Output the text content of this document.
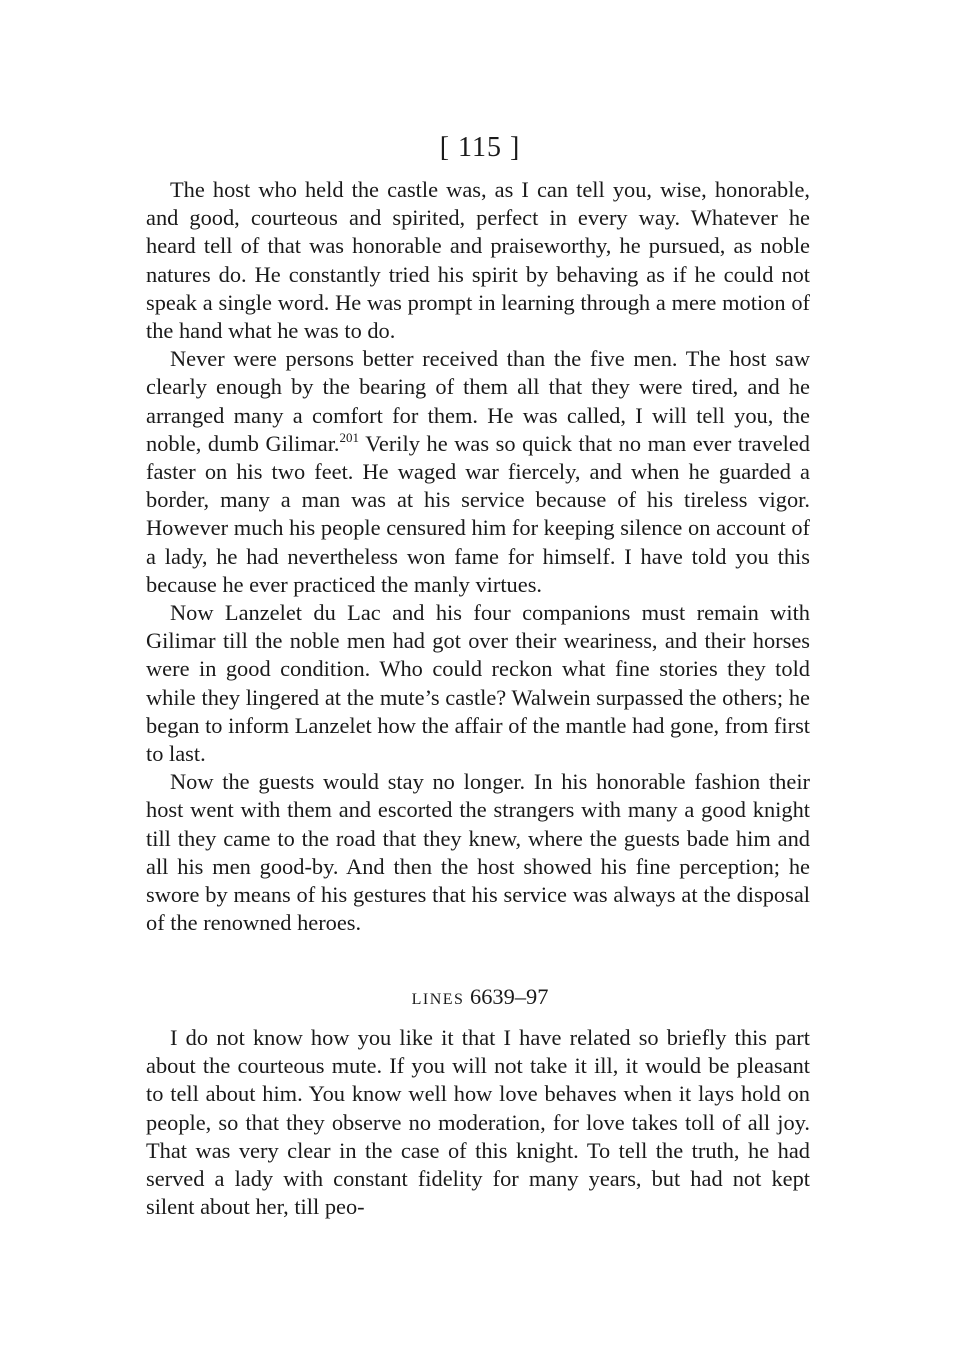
[ 115 ]

The host who held the castle was, as I can tell you, wise, honorable, and good, courteous and spirited, perfect in every way. Whatever he heard tell of that was honorable and praiseworthy, he pursued, as noble natures do. He constantly tried his spirit by behaving as if he could not speak a single word. He was prompt in learning through a mere motion of the hand what he was to do.

Never were persons better received than the five men. The host saw clearly enough by the bearing of them all that they were tired, and he arranged many a comfort for them. He was called, I will tell you, the noble, dumb Gilimar.$^{201}$ Verily he was so quick that no man ever traveled faster on his two feet. He waged war fiercely, and when he guarded a border, many a man was at his service because of his tireless vigor. However much his people censured him for keeping silence on account of a lady, he had nevertheless won fame for himself. I have told you this because he ever practiced the manly virtues.

Now Lanzelet du Lac and his four companions must remain with Gilimar till the noble men had got over their weariness, and their horses were in good condition. Who could reckon what fine stories they told while they lingered at the mute’s castle? Walwein surpassed the others; he began to inform Lanzelet how the affair of the mantle had gone, from first to last.

Now the guests would stay no longer. In his honorable fashion their host went with them and escorted the strangers with many a good knight till they came to the road that they knew, where the guests bade him and all his men good-by. And then the host showed his fine perception; he swore by means of his gestures that his service was always at the disposal of the renowned heroes.

LINES 6639–97

I do not know how you like it that I have related so briefly this part about the courteous mute. If you will not take it ill, it would be pleasant to tell about him. You know well how love behaves when it lays hold on people, so that they observe no moderation, for love takes toll of all joy. That was very clear in the case of this knight. To tell the truth, he had served a lady with constant fidelity for many years, but had not kept silent about her, till peo-
